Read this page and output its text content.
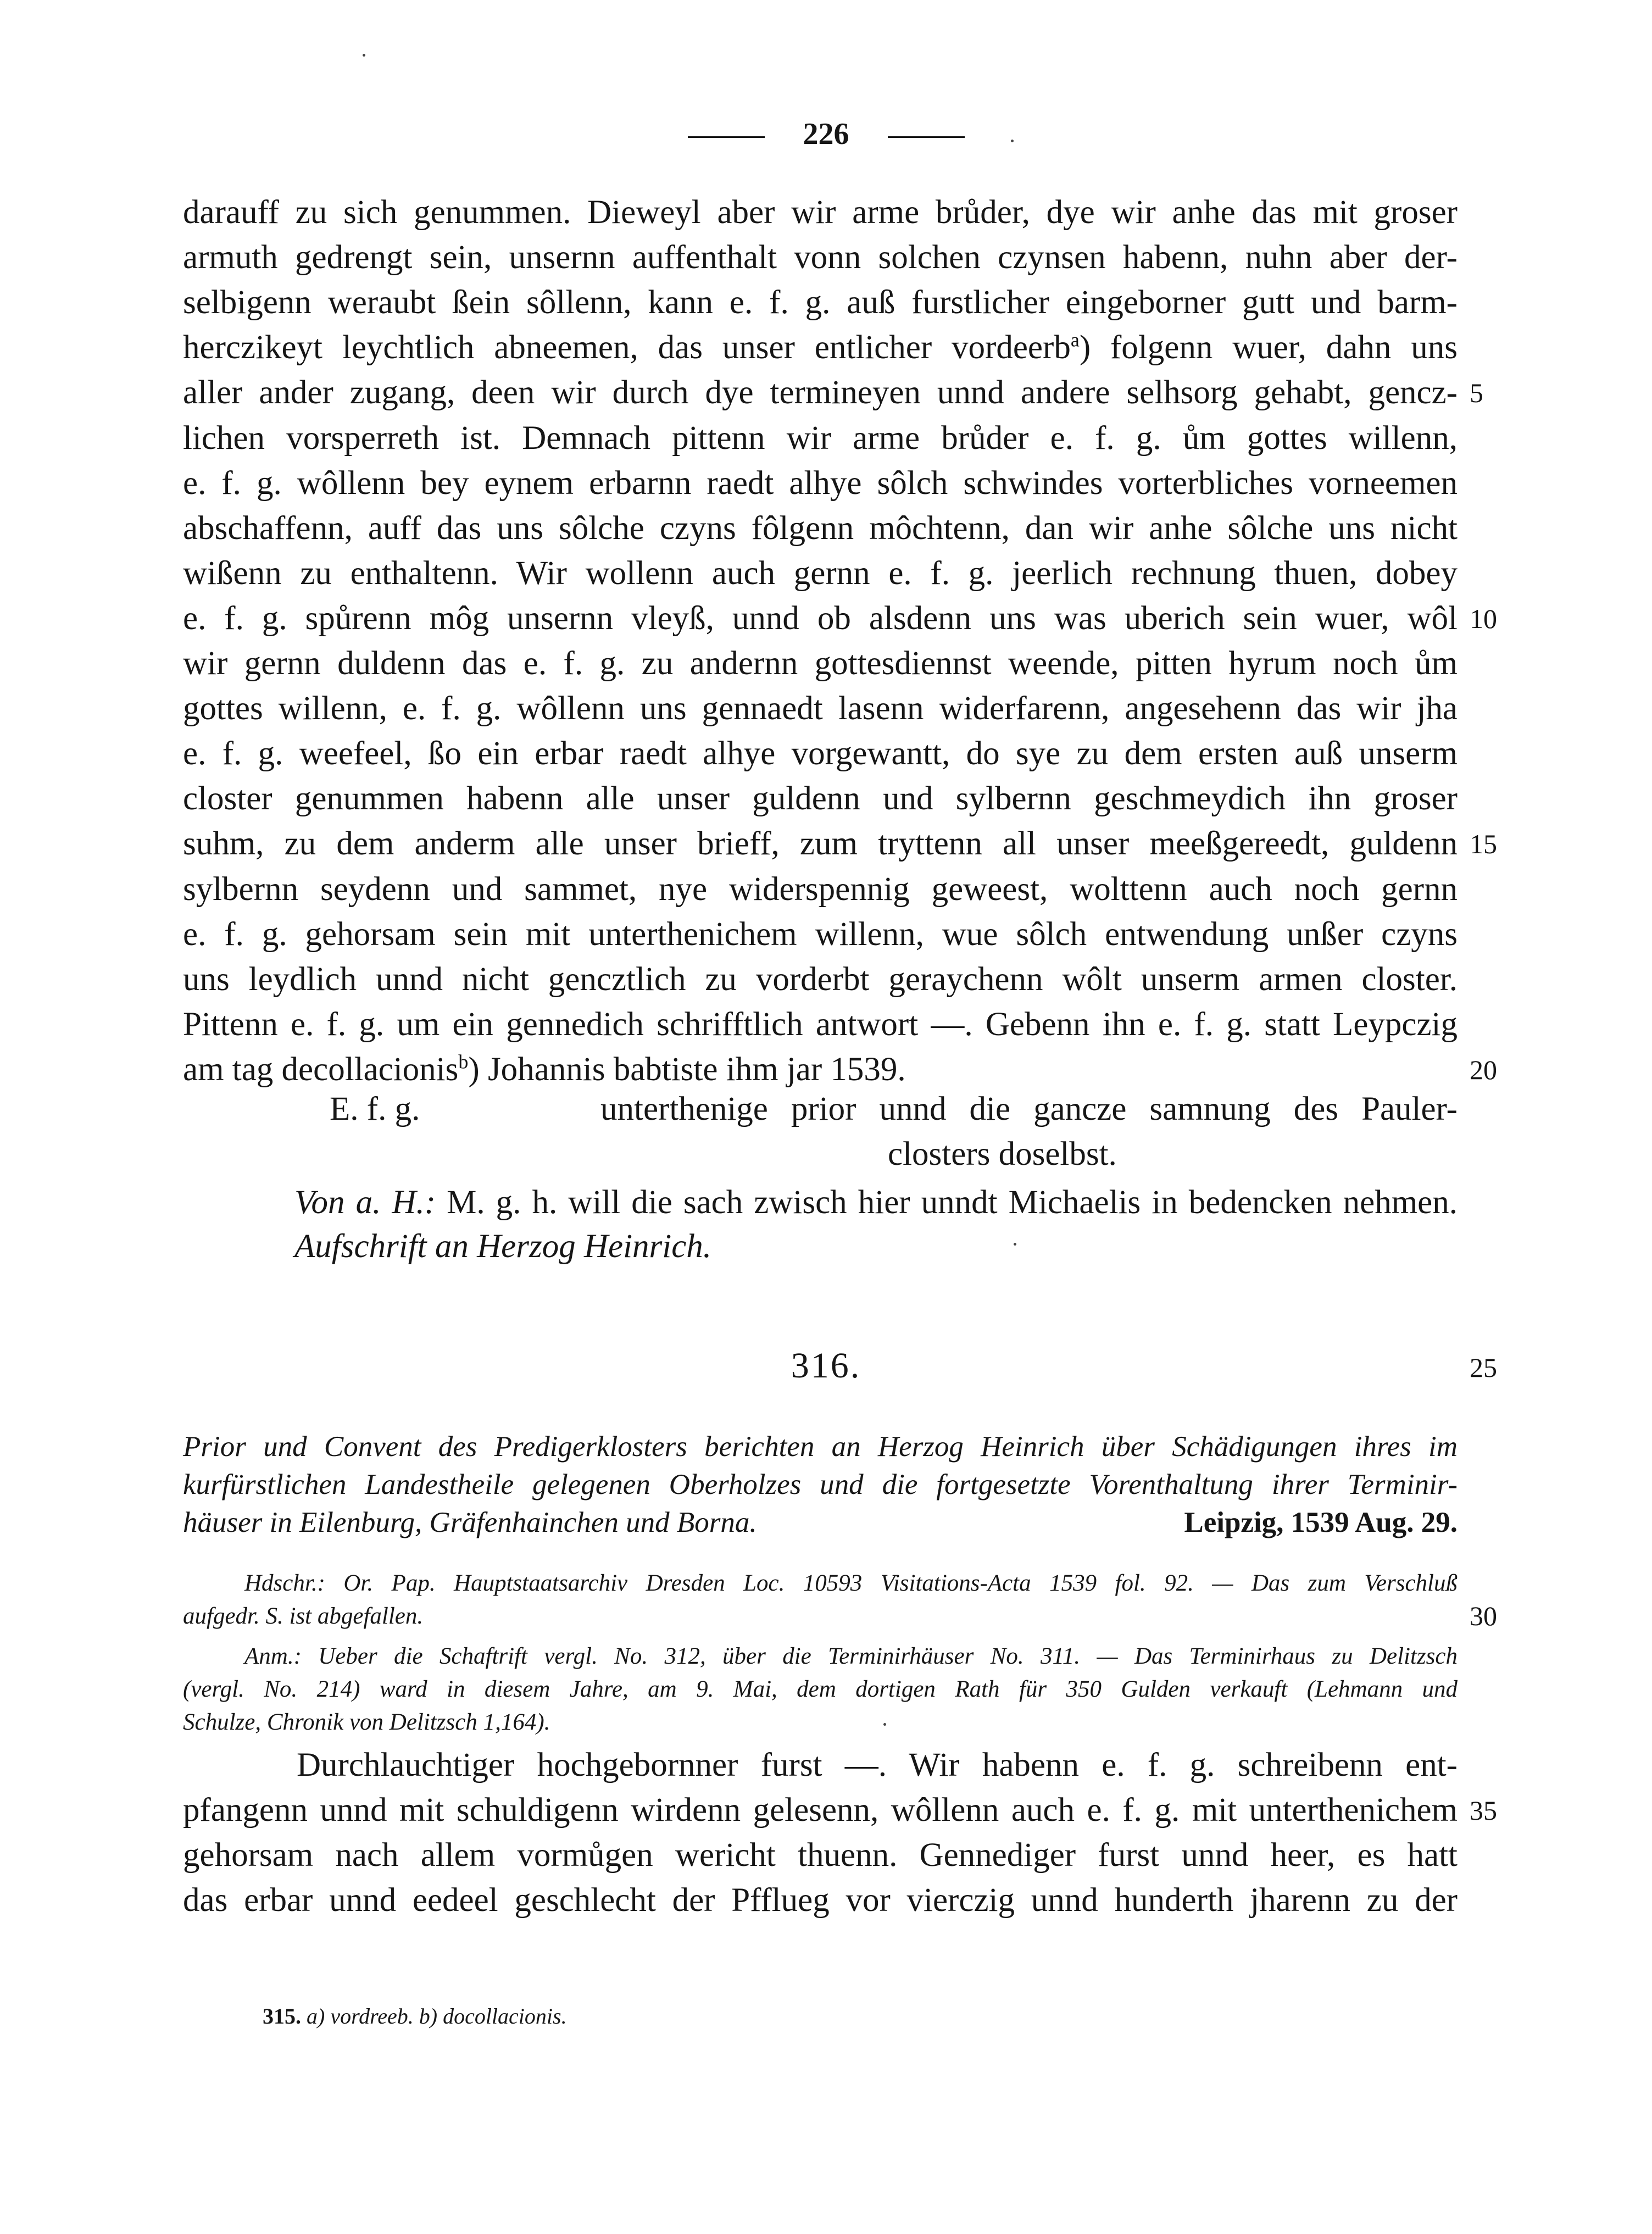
226
darauff zu sich genummen. Dieweyl aber wir arme brůder, dye wir anhe das mit groser
armuth gedrengt sein, unsernn auffenthalt vonn solchen czynsen habenn, nuhn aber der-
selbigenn weraubt ßein sôllenn, kann e. f. g. auß furstlicher eingeborner gutt und barm-
herczikeyt leychtlich abneemen, das unser entlicher vordeerb$^a$) folgenn wuer, dahn uns
aller ander zugang, deen wir durch dye termineyen unnd andere selhsorg gehabt, gencz- 5
lichen vorsperreth ist. Demnach pittenn wir arme brůder e. f. g. ům gottes willenn,
e. f. g. wôllenn bey eynem erbarnn raedt alhye sôlch schwindes vorterbliches vorneemen
abschaffenn, auff das uns sôlche czyns fôlgenn môchtenn, dan wir anhe sôlche uns nicht
wißenn zu enthaltenn. Wir wollenn auch gernn e. f. g. jeerlich rechnung thuen, dobey
e. f. g. spůrenn môg unsernn vleyß, unnd ob alsdenn uns was uberich sein wuer, wôl 10
wir gernn duldenn das e. f. g. zu andernn gottesdiennst weende, pitten hyrum noch ům
gottes willenn, e. f. g. wôllenn uns gennaedt lasenn widerfarenn, angesehenn das wir jha
e. f. g. weefeel, ßo ein erbar raedt alhye vorgewantt, do sye zu dem ersten auß unserm
closter genummen habenn alle unser guldenn und sylbernn geschmeydich ihn groser
suhm, zu dem anderm alle unser brieff, zum tryttenn all unser meeßgereedt, guldenn 15
sylbernn seydenn und sammet, nye widerspennig geweest, wolttenn auch noch gernn
e. f. g. gehorsam sein mit unterthenichem willenn, wue sôlch entwendung unßer czyns
uns leydlich unnd nicht gencztlich zu vorderbt geraychenn wôlt unserm armen closter.
Pittenn e. f. g. um ein gennedich schrifftlich antwort —. Gebenn ihn e. f. g. statt Leypczig
am tag decollacionis$^b$) Johannis babtiste ihm jar 1539.	20
E. f. g.	unterthenige prior unnd die gancze samnung des Pauler-
closters doselbst.
Von a. H.: M. g. h. will die sach zwisch hier unndt Michaelis in bedencken nehmen.
Aufschrift an Herzog Heinrich.
316.	25
Prior und Convent des Predigerklosters berichten an Herzog Heinrich über Schädigungen ihres im
kurfürstlichen Landestheile gelegenen Oberholzes und die fortgesetzte Vorenthaltung ihrer Terminir-
häuser in Eilenburg, Gräfenhainchen und Borna.	Leipzig, 1539 Aug. 29.
Hdschr.: Or. Pap. Hauptstaatsarchiv Dresden Loc. 10593 Visitations-Acta 1539 fol. 92. — Das zum Verschluß
aufgedr. S. ist abgefallen.	30
Anm.: Ueber die Schaftrift vergl. No. 312, über die Terminirhäuser No. 311. — Das Terminirhaus zu Delitzsch
(vergl. No. 214) ward in diesem Jahre, am 9. Mai, dem dortigen Rath für 350 Gulden verkauft (Lehmann und
Schulze, Chronik von Delitzsch 1,164).
Durchlauchtiger hochgebornner furst —. Wir habenn e. f. g. schreibenn ent-
pfangenn unnd mit schuldigenn wirdenn gelesenn, wôllenn auch e. f. g. mit unterthenichem 35
gehorsam nach allem vormůgen wericht thuenn. Gennediger furst unnd heer, es hatt
das erbar unnd eedeel geschlecht der Pfflueg vor vierczig unnd hunderth jharenn zu der
315. a) vordreeb. b) docollacionis.
